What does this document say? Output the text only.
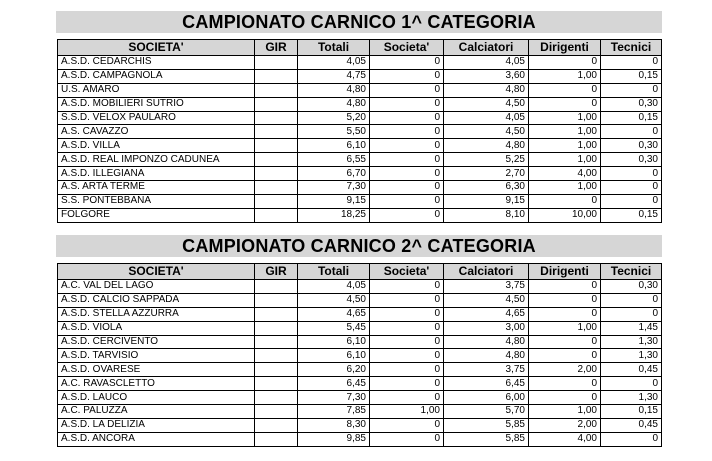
CAMPIONATO CARNICO 1^ CATEGORIA
SOCIETA'	GIR	Totali	Societa'	Calciatori	Dirigenti	Tecnici
A.S.D. CEDARCHIS		4,05	0	4,05	0	0
A.S.D. CAMPAGNOLA		4,75	0	3,60	1,00	0,15
U.S. AMARO		4,80	0	4,80	0	0
A.S.D. MOBILIERI SUTRIO		4,80	0	4,50	0	0,30
S.S.D. VELOX PAULARO		5,20	0	4,05	1,00	0,15
A.S. CAVAZZO		5,50	0	4,50	1,00	0
A.S.D. VILLA		6,10	0	4,80	1,00	0,30
A.S.D. REAL IMPONZO CADUNEA		6,55	0	5,25	1,00	0,30
A.S.D. ILLEGIANA		6,70	0	2,70	4,00	0
A.S. ARTA TERME		7,30	0	6,30	1,00	0
S.S. PONTEBBANA		9,15	0	9,15	0	0
FOLGORE		18,25	0	8,10	10,00	0,15
CAMPIONATO CARNICO 2^ CATEGORIA
SOCIETA'	GIR	Totali	Societa'	Calciatori	Dirigenti	Tecnici
A.C. VAL DEL LAGO		4,05	0	3,75	0	0,30
A.S.D. CALCIO SAPPADA		4,50	0	4,50	0	0
A.S.D. STELLA AZZURRA		4,65	0	4,65	0	0
A.S.D. VIOLA		5,45	0	3,00	1,00	1,45
A.S.D. CERCIVENTO		6,10	0	4,80	0	1,30
A.S.D. TARVISIO		6,10	0	4,80	0	1,30
A.S.D. OVARESE		6,20	0	3,75	2,00	0,45
A.C. RAVASCLETTO		6,45	0	6,45	0	0
A.S.D. LAUCO		7,30	0	6,00	0	1,30
A.C. PALUZZA		7,85	1,00	5,70	1,00	0,15
A.S.D. LA DELIZIA		8,30	0	5,85	2,00	0,45
A.S.D. ANCORA		9,85	0	5,85	4,00	0
